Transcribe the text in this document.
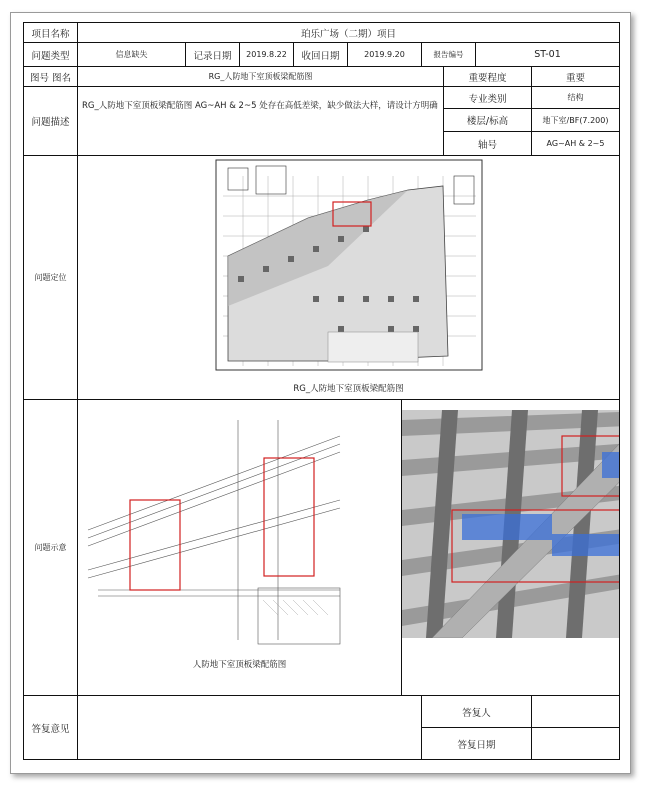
项目名称	珀乐广场（二期）项目									
问题类型	信息缺失	记录日期	2019.8.22	收回日期	2019.9.20		报告编号		ST-01	
图号 图名	RG_人防地下室顶板梁配筋图							重要程度		重要
问题描述	RG_人防地下室顶板梁配筋图 AG~AH & 2~5 处存在高低差梁，缺少做法大样，请设计方明确							专业类别		结构
								楼层/标高		地下室/BF(7.200)
								轴号		AG~AH & 2~5
问题定位	RG_人防地下室顶板梁配筋图									

问题示意	人防地下室顶板梁配筋图

答复意见							答复人			
							答复日期			
